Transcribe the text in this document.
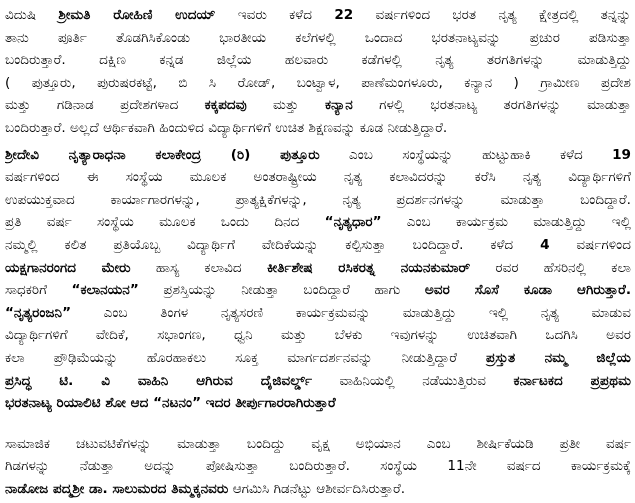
ವಿದುಷಿ ಶ್ರೀಮತಿ ರೋಹಿಣಿ ಉದಯ್ ಇವರು ಕಳೆದ 22 ವರ್ಷಗಳಿಂದ ಭರತ ನೃತ್ಯ ಕ್ಷೇತ್ರದಲ್ಲಿ ತನ್ನನ್ನು
ತಾನು ಪೂರ್ತಿ ತೊಡಗಿಸಿಕೊಂಡು ಭಾರತೀಯ ಕಲೆಗಳಲ್ಲಿ ಒಂದಾದ ಭರತನಾಟ್ಯವನ್ನು ಪ್ರಚುರ ಪಡಿಸುತ್ತಾ
ಬಂದಿರುತ್ತಾರೆ. ದಕ್ಷಿಣ ಕನ್ನಡ ಜಿಲ್ಲೆಯ ಹಲವಾರು ಕಡೆಗಳಲ್ಲಿ ನೃತ್ಯ ತರಗತಿಗಳನ್ನು ಮಾಡುತ್ತಿದ್ದು
( ಪುತ್ತೂರು, ಪುರುಷರಕಟ್ಟೆ, ಬಿ ಸಿ ರೋಡ್, ಬಂಟ್ವಾಳ, ಪಾಣೆಮಂಗಳೂರು, ಕನ್ಯಾನ ) ಗ್ರಾಮೀಣ ಪ್ರದೇಶ
ಮತ್ತು ಗಡಿನಾಡ ಪ್ರದೇಶಗಳಾದ ಕಕ್ಕಪದವು ಮತ್ತು ಕನ್ಯಾನ ಗಳಲ್ಲಿ ಭರತನಾಟ್ಯ ತರಗತಿಗಳನ್ನು ಮಾಡುತ್ತಾ
ಬಂದಿರುತ್ತಾರೆ. ಅಲ್ಲದೆ ಆರ್ಥಿಕವಾಗಿ ಹಿಂದುಳಿದ ವಿದ್ಯಾರ್ಥಿಗಳಿಗೆ ಉಚಿತ ಶಿಕ್ಷಣವನ್ನು ಕೂಡ ನೀಡುತ್ತಿದ್ದಾರೆ.
ಶ್ರೀದೇವಿ ನೃತ್ಯಾರಾಧನಾ ಕಲಾಕೇಂದ್ರ (ರಿ) ಪುತ್ತೂರು ಎಂಬ ಸಂಸ್ಥೆಯನ್ನು ಹುಟ್ಟುಹಾಕಿ ಕಳೆದ 19
ವರ್ಷಗಳಿಂದ ಈ ಸಂಸ್ಥೆಯ ಮೂಲಕ ಅಂತರಾಷ್ಟ್ರೀಯ ನೃತ್ಯ ಕಲಾವಿದರನ್ನು ಕರೆಸಿ ನೃತ್ಯ ವಿದ್ಯಾರ್ಥಿಗಳಿಗೆ
ಉಪಯುಕ್ತವಾದ ಕಾರ್ಯಾಗಾರಗಳನ್ನು, ಪ್ರಾತ್ಯಕ್ಷಿಕೆಗಳನ್ನು, ನೃತ್ಯ ಪ್ರದರ್ಶನಗಳನ್ನು ಮಾಡುತ್ತಾ ಬಂದಿದ್ದಾರೆ.
ಪ್ರತಿ ವರ್ಷ ಸಂಸ್ಥೆಯ ಮೂಲಕ ಒಂದು ದಿನದ “ನೃತ್ಯಧಾರ” ಎಂಬ ಕಾರ್ಯಕ್ರಮ ಮಾಡುತ್ತಿದ್ದು ಇಲ್ಲಿ
ನಮ್ಮಲ್ಲಿ ಕಲಿತ ಪ್ರತಿಯೊಬ್ಬ ವಿದ್ಯಾರ್ಥಿಗೆ ವೇದಿಕೆಯನ್ನು ಕಲ್ಪಿಸುತ್ತಾ ಬಂದಿದ್ದಾರೆ. ಕಳೆದ 4 ವರ್ಷಗಳಿಂದ
ಯಕ್ಷಗಾನರಂಗದ ಮೇರು ಹಾಸ್ಯ ಕಲಾವಿದ ಕೀರ್ತಿಶೇಷ ರಸಿಕರತ್ನ ನಯನಕುಮಾರ್ ರವರ ಹೆಸರಿನಲ್ಲಿ ಕಲಾ
ಸಾಧಕರಿಗೆ “ಕಲಾನಯನ” ಪ್ರಶಸ್ತಿಯನ್ನು ನೀಡುತ್ತಾ ಬಂದಿದ್ದಾರೆ ಹಾಗು ಅವರ ಸೊಸೆ ಕೂಡಾ ಆಗಿರುತ್ತಾರೆ.
“ನೃತ್ಯರಂಜನಿ” ಎಂಬ ತಿಂಗಳ ನೃತ್ಯಸರಣಿ ಕಾರ್ಯಕ್ರಮವನ್ನು ಮಾಡುತ್ತಿದ್ದು ಇಲ್ಲಿ ನೃತ್ಯ ಮಾಡುವ
ವಿದ್ಯಾರ್ಥಿಗಳಿಗೆ ವೇದಿಕೆ, ಸಭಾಂಗಣ, ಧ್ವನಿ ಮತ್ತು ಬೆಳಕು ಇವುಗಳನ್ನು ಉಚಿತವಾಗಿ ಒದಗಿಸಿ ಅವರ
ಕಲಾ ಪ್ರೌಢಿಮೆಯನ್ನು ಹೊರಹಾಕಲು ಸೂಕ್ತ ಮಾರ್ಗದರ್ಶನವನ್ನು ನೀಡುತ್ತಿದ್ದಾರೆ ಪ್ರಸ್ತುತ ನಮ್ಮ ಜಿಲ್ಲೆಯ
ಪ್ರಸಿದ್ಧ ಟಿ. ವಿ ವಾಹಿನಿ ಆಗಿರುವ ದೈಜಿವರ್ಲ್ಡ್ ವಾಹಿನಿಯಲ್ಲಿ ನಡೆಯುತ್ತಿರುವ ಕರ್ನಾಟಕದ ಪ್ರಪ್ರಥಮ
ಭರತನಾಟ್ಯ ರಿಯಾಲಿಟಿ ಶೋ ಆದ “ನಟನಂ” ಇದರ ತೀರ್ಪುಗಾರರಾಗಿರುತ್ತಾರೆ
ಸಾಮಾಜಿಕ ಚಟುವಟಿಕೆಗಳನ್ನು ಮಾಡುತ್ತಾ ಬಂದಿದ್ದು ವೃಕ್ಷ ಅಭಿಯಾನ ಎಂಬ ಶೀರ್ಷಿಕೆಯಡಿ ಪ್ರತೀ ವರ್ಷ
ಗಿಡಗಳನ್ನು ನೆಡುತ್ತಾ ಅದನ್ನು ಪೋಷಿಸುತ್ತಾ ಬಂದಿರುತ್ತಾರೆ. ಸಂಸ್ಥೆಯ 11ನೇ ವರ್ಷದ ಕಾರ್ಯಕ್ರಮಕ್ಕೆ
ನಾಡೋಜ ಪದ್ಮಶ್ರೀ ಡಾ. ಸಾಲುಮರದ ತಿಮ್ಮಕ್ಕನವರು ಆಗಮಿಸಿ ಗಿಡನೆಟ್ಟು ಆಶೀರ್ವದಿಸಿರುತ್ತಾರೆ.
